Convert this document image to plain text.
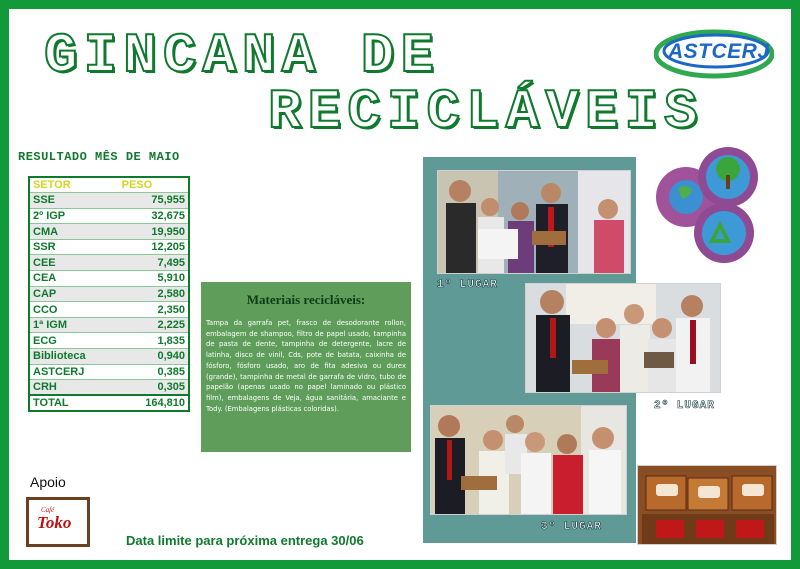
GINCANA DE
RECICLÁVEIS
ASTCERJ
RESULTADO MÊS DE MAIO
SETOR	PESO
SSE	75,955
2º IGP	32,675
CMA	19,950
SSR	12,205
CEE	7,495
CEA	5,910
CAP	2,580
CCO	2,350
1ª IGM	2,225
ECG	1,835
Biblioteca	0,940
ASTCERJ	0,385
CRH	0,305
TOTAL	164,810
Materiais recicláveis:

Tampa da garrafa pet, frasco de desodorante rollon, embalagem de shampoo, filtro de papel usado, tampinha de pasta de dente, tampinha de detergente, lacre de latinha, disco de vinil, Cds, pote de batata, caixinha de fósforo, fósforo usado, aro de fita adesiva ou durex (grande), tampinha de metal de garrafa de vidro, tubo de papelão (apenas usado no papel laminado ou plástico film), embalagens de Veja, água sanitária, amaciante e Tody. (Embalagens plásticas coloridas).

Apoio
Café
Toko
Data limite para próxima entrega 30/06
1º LUGAR
2º LUGAR
3º LUGAR
